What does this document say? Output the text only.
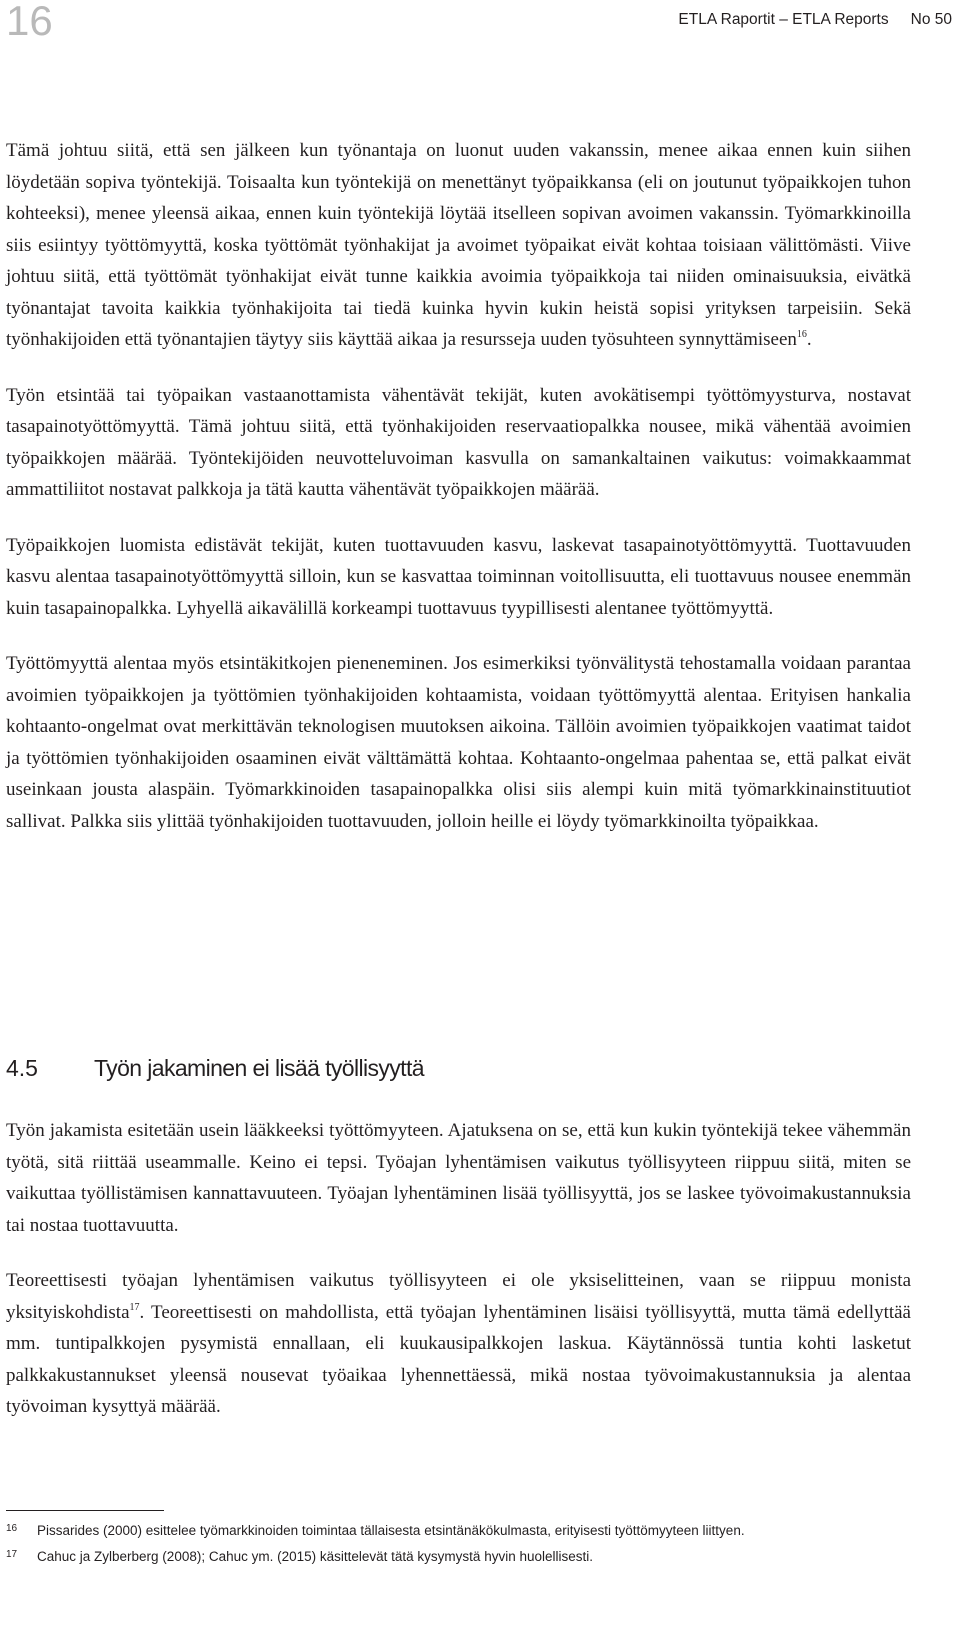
16	ETLA Raportit – ETLA Reports No 50

Tämä johtuu siitä, että sen jälkeen kun työnantaja on luonut uuden vakanssin, menee aikaa ennen kuin siihen löydetään sopiva työntekijä. Toisaalta kun työntekijä on menettänyt työpaikkansa (eli on joutunut työpaikkojen tuhon kohteeksi), menee yleensä aikaa, ennen kuin työntekijä löytää itselleen sopivan avoimen vakanssin. Työmarkkinoilla siis esiintyy työttömyyttä, koska työttömät työnhakijat ja avoimet työpaikat eivät kohtaa toisiaan välittömästi. Viive johtuu siitä, että työttömät työnhakijat eivät tunne kaikkia avoimia työpaikkoja tai niiden ominaisuuksia, eivätkä työnantajat tavoita kaikkia työnhakijoita tai tiedä kuinka hyvin kukin heistä sopisi yrityksen tarpeisiin. Sekä työnhakijoiden että työnantajien täytyy siis käyttää aikaa ja resursseja uuden työsuhteen synnyttämiseen$^{16}$.

Työn etsintää tai työpaikan vastaanottamista vähentävät tekijät, kuten avokätisempi työttömyysturva, nostavat tasapainotyöttömyyttä. Tämä johtuu siitä, että työnhakijoiden reservaatiopalkka nousee, mikä vähentää avoimien työpaikkojen määrää. Työntekijöiden neuvotteluvoiman kasvulla on samankaltainen vaikutus: voimakkaammat ammattiliitot nostavat palkkoja ja tätä kautta vähentävät työpaikkojen määrää.

Työpaikkojen luomista edistävät tekijät, kuten tuottavuuden kasvu, laskevat tasapainotyöttömyyttä. Tuottavuuden kasvu alentaa tasapainotyöttömyyttä silloin, kun se kasvattaa toiminnan voitollisuutta, eli tuottavuus nousee enemmän kuin tasapainopalkka. Lyhyellä aikavälillä korkeampi tuottavuus tyypillisesti alentanee työttömyyttä.

Työttömyyttä alentaa myös etsintäkitkojen pieneneminen. Jos esimerkiksi työnvälitystä tehostamalla voidaan parantaa avoimien työpaikkojen ja työttömien työnhakijoiden kohtaamista, voidaan työttömyyttä alentaa. Erityisen hankalia kohtaanto-ongelmat ovat merkittävän teknologisen muutoksen aikoina. Tällöin avoimien työpaikkojen vaatimat taidot ja työttömien työnhakijoiden osaaminen eivät välttämättä kohtaa. Kohtaanto-ongelmaa pahentaa se, että palkat eivät useinkaan jousta alaspäin. Työmarkkinoiden tasapainopalkka olisi siis alempi kuin mitä työmarkkinainstituutiot sallivat. Palkka siis ylittää työnhakijoiden tuottavuuden, jolloin heille ei löydy työmarkkinoilta työpaikkaa.

4.5 Työn jakaminen ei lisää työllisyyttä

Työn jakamista esitetään usein lääkkeeksi työttömyyteen. Ajatuksena on se, että kun kukin työntekijä tekee vähemmän työtä, sitä riittää useammalle. Keino ei tepsi. Työajan lyhentämisen vaikutus työllisyyteen riippuu siitä, miten se vaikuttaa työllistämisen kannattavuuteen. Työajan lyhentäminen lisää työllisyyttä, jos se laskee työvoimakustannuksia tai nostaa tuottavuutta.

Teoreettisesti työajan lyhentämisen vaikutus työllisyyteen ei ole yksiselitteinen, vaan se riippuu monista yksityiskohdista$^{17}$. Teoreettisesti on mahdollista, että työajan lyhentäminen lisäisi työllisyyttä, mutta tämä edellyttää mm. tuntipalkkojen pysymistä ennallaan, eli kuukausipalkkojen laskua. Käytännössä tuntia kohti lasketut palkkakustannukset yleensä nousevat työaikaa lyhennettäessä, mikä nostaa työvoimakustannuksia ja alentaa työvoiman kysyttyä määrää.

16 Pissarides (2000) esittelee työmarkkinoiden toimintaa tällaisesta etsintänäkökulmasta, erityisesti työttömyyteen liittyen.
17 Cahuc ja Zylberberg (2008); Cahuc ym. (2015) käsittelevät tätä kysymystä hyvin huolellisesti.
